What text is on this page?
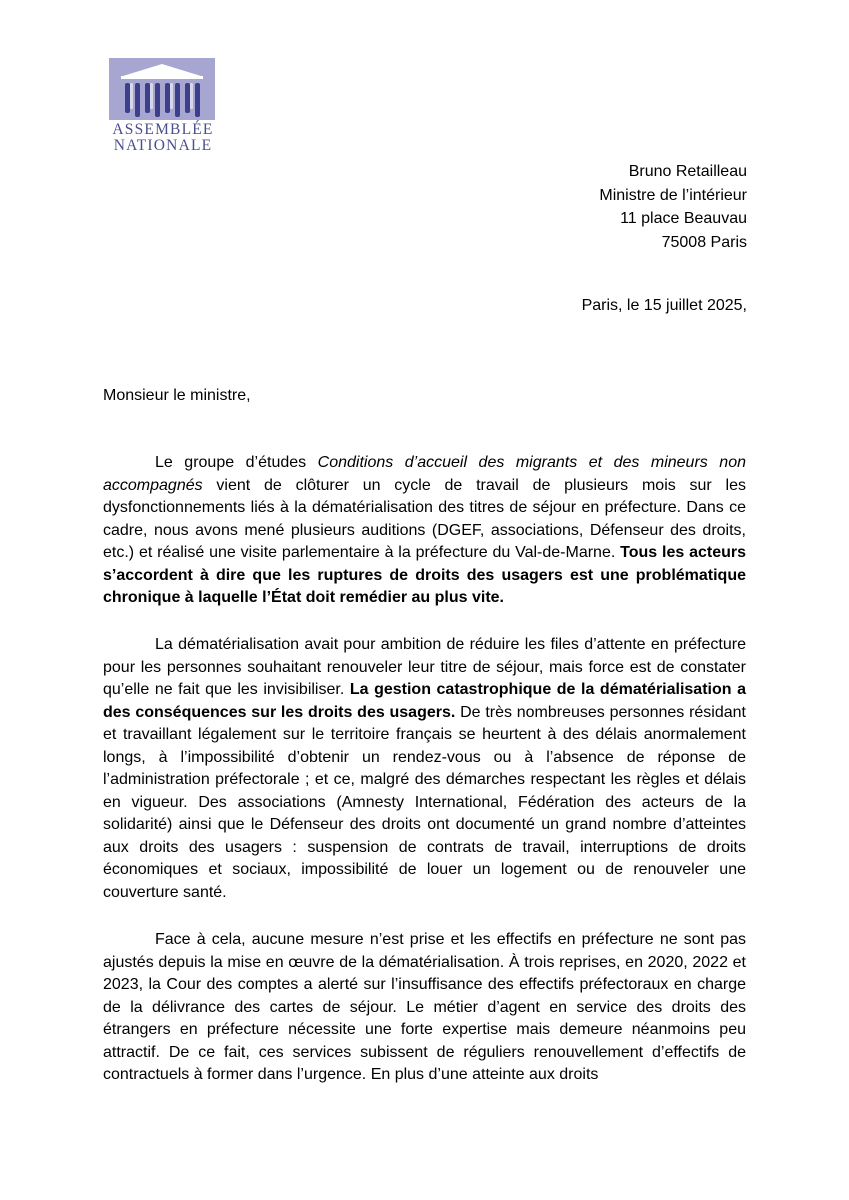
ASSEMBLÉE
NATIONALE
Bruno Retailleau
Ministre de l’intérieur
11 place Beauvau
75008 Paris
Paris, le 15 juillet 2025,
Monsieur le ministre,

Le groupe d’études Conditions d’accueil des migrants et des mineurs non accompagnés vient de clôturer un cycle de travail de plusieurs mois sur les dysfonctionnements liés à la dématérialisation des titres de séjour en préfecture. Dans ce cadre, nous avons mené plusieurs auditions (DGEF, associations, Défenseur des droits, etc.) et réalisé une visite parlementaire à la préfecture du Val-de-Marne. Tous les acteurs s’accordent à dire que les ruptures de droits des usagers est une problématique chronique à laquelle l’État doit remédier au plus vite.

La dématérialisation avait pour ambition de réduire les files d’attente en préfecture pour les personnes souhaitant renouveler leur titre de séjour, mais force est de constater qu’elle ne fait que les invisibiliser. La gestion catastrophique de la dématérialisation a des conséquences sur les droits des usagers. De très nombreuses personnes résidant et travaillant légalement sur le territoire français se heurtent à des délais anormalement longs, à l’impossibilité d’obtenir un rendez-vous ou à l’absence de réponse de l’administration préfectorale ; et ce, malgré des démarches respectant les règles et délais en vigueur. Des associations (Amnesty International, Fédération des acteurs de la solidarité) ainsi que le Défenseur des droits ont documenté un grand nombre d’atteintes aux droits des usagers : suspension de contrats de travail, interruptions de droits économiques et sociaux, impossibilité de louer un logement ou de renouveler une couverture santé.

Face à cela, aucune mesure n’est prise et les effectifs en préfecture ne sont pas ajustés depuis la mise en œuvre de la dématérialisation. À trois reprises, en 2020, 2022 et 2023, la Cour des comptes a alerté sur l’insuffisance des effectifs préfectoraux en charge de la délivrance des cartes de séjour. Le métier d’agent en service des droits des étrangers en préfecture nécessite une forte expertise mais demeure néanmoins peu attractif. De ce fait, ces services subissent de réguliers renouvellement d’effectifs de contractuels à former dans l’urgence. En plus d’une atteinte aux droits
